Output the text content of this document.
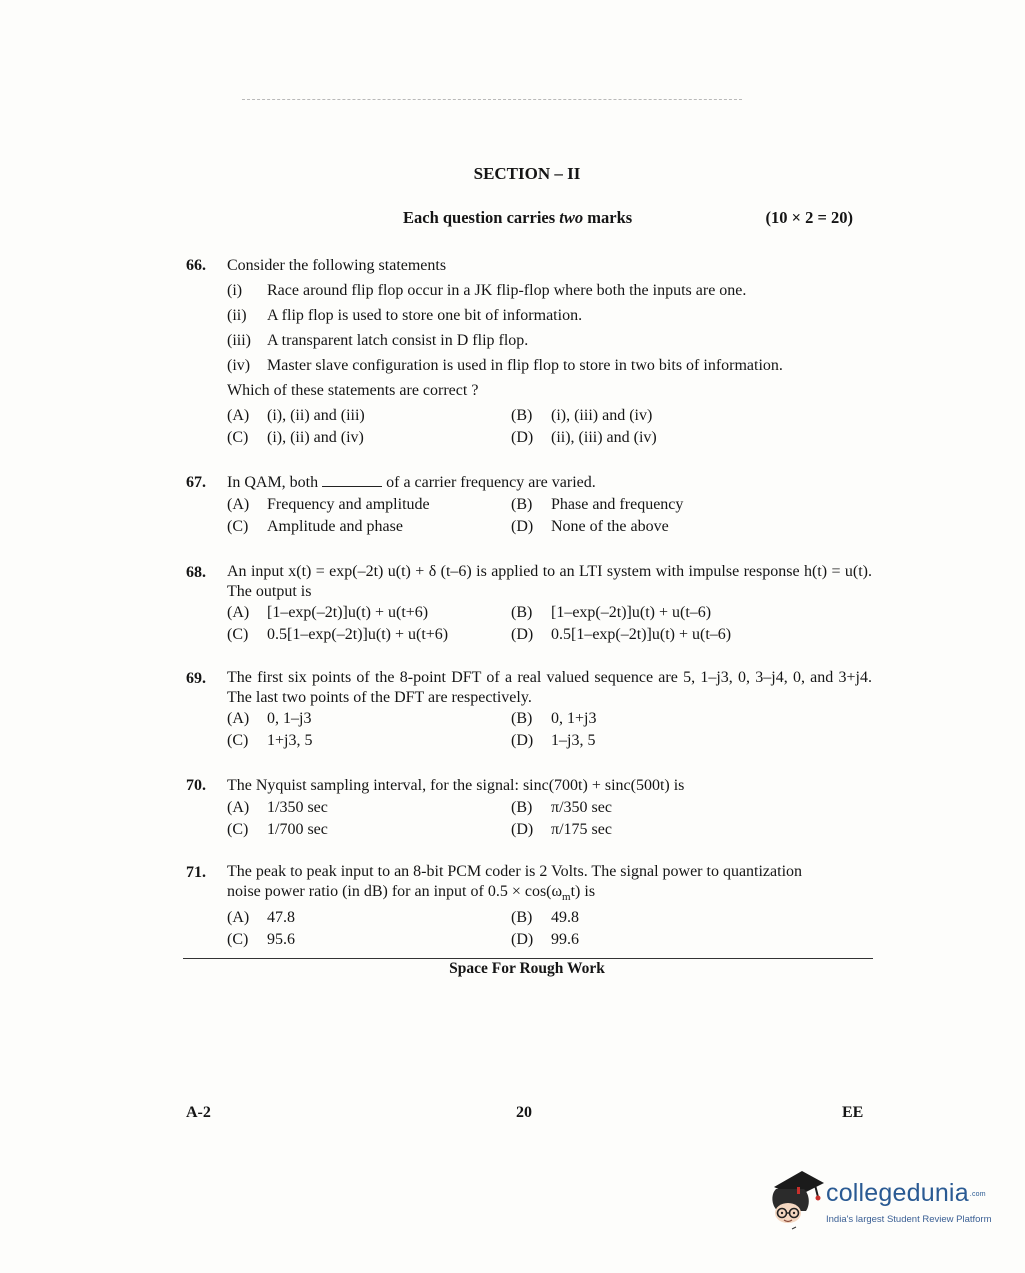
SECTION – II
Each question carries two marks	(10 × 2 = 20)
66. Consider the following statements
(i) Race around flip flop occur in a JK flip-flop where both the inputs are one.
(ii) A flip flop is used to store one bit of information.
(iii) A transparent latch consist in D flip flop.
(iv) Master slave configuration is used in flip flop to store in two bits of information.
Which of these statements are correct ?
(A) (i), (ii) and (iii)	(B) (i), (iii) and (iv)
(C) (i), (ii) and (iv)	(D) (ii), (iii) and (iv)
67. In QAM, both	of a carrier frequency are varied.
(A) Frequency and amplitude	(B) Phase and frequency
(C) Amplitude and phase	(D) None of the above
68. An input x(t) = exp(–2t) u(t) + δ (t–6) is applied to an LTI system with impulse response h(t) = u(t). The output is
(A) [1–exp(–2t)]u(t) + u(t+6)	(B) [1–exp(–2t)]u(t) + u(t–6)
(C) 0.5[1–exp(–2t)]u(t) + u(t+6)	(D) 0.5[1–exp(–2t)]u(t) + u(t–6)
69. The first six points of the 8-point DFT of a real valued sequence are 5, 1–j3, 0, 3–j4, 0, and 3+j4. The last two points of the DFT are respectively.
(A) 0, 1–j3	(B) 0, 1+j3
(C) 1+j3, 5	(D) 1–j3, 5
70. The Nyquist sampling interval, for the signal: sinc(700t) + sinc(500t) is
(A) 1/350 sec	(B) π/350 sec
(C) 1/700 sec	(D) π/175 sec
71. The peak to peak input to an 8-bit PCM coder is 2 Volts. The signal power to quantization
noise power ratio (in dB) for an input of $0.5 \times \cos(\omega_mt)$ is
(A) 47.8	(B) 49.8
(C) 95.6	(D) 99.6
Space For Rough Work
A-2	20	EE
collegedunia.com
India's largest Student Review Platform
